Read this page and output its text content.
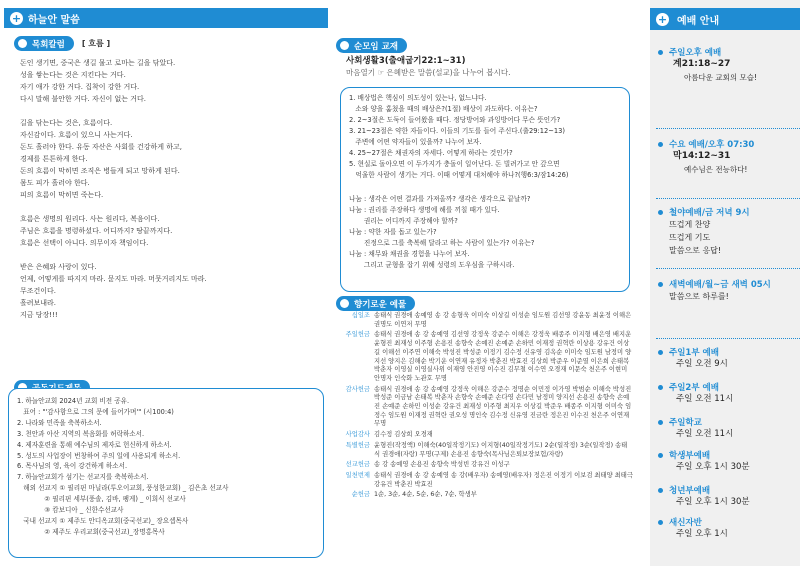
+ 하늘안 말씀
목회칼럼 [ 흐름 ]

돈인 생기면, 중국은 생길 물고 로마는 길을 닦았다.

성을 쌓는다는 것은 지킨다는 거다.

자기 애가 강한 거다. 집착이 강한 거다.

다시 말해 불안한 거다. 자신이 없는 거다.

길을 닦는다는 것은, 흐름이다.

자신감이다. 흐름이 있으니 사는거다.

돈도 흘러야 한다. 유동 자산은 사회를 건강하게 하고,

경제를 튼튼하게 한다.

돈의 흐름이 막히면 조직은 병들게 되고 망하게 된다.

몸도 피가 흘러야 한다.

피의 흐름이 막히면 죽는다.

흐름은 생명의 원리다. 사는 원리다, 복음이다.

주님은 흐름을 명령하셨다. 어디까지? 땅끝까지다.

흐름은 선택이 아니다. 의무이자 책임이다.

받은 은혜와 사랑이 있다.

언제, 어떻게를 따지지 마라. 묻지도 마라. 머뭇거리지도 마라.

무조건이다.

흘려보내라.

지금 당장!!!

1. 하늘안교회 2024년 교회 비전 공유.
표어 : "'감사함으로 그의 문에 들어가며'" (시100:4)
2. 나라와 민족을 축복하소서.
3. 천안과 아산 지역의 복음화를 허락하소서.
4. 제자훈련을 통해 예수님의 제자로 헌신하게 하소서.
5. 성도의 사업장이 번창하여 주의 일에 사용되게 하소서.
6. 목사님의 영, 육이 강건하게 하소서.
7. 하늘안교회가 섬기는 선교지를 축복하소서.
해외 선교지 ① 필리핀 마닐라(투오이교회, 풍성한교회) _ 김은초 선교사
② 필리핀 세부(풍솔, 김바, 팽게) _ 이희식 선교사
③ 캄보디아 _ 신한수선교사
국내 선교지 ① 제주도 안디옥교회(중국선교)_ 장요셉목사
② 제주도 우리교회(중국선교)_장명홍목사
순모임 교재
사회생활3(출애굽기22:1~31)
마음열기 ☞ 은혜받은 말씀(설교)을 나누어 봅시다.
1. 배상법은 핵심이 의도성이 있는나, 없느냐다.
소와 양을 훔쳤을 때의 배상은?(1절) 배상이 과도하다. 이유는?
2. 2~3절은 도둑이 들어왔을 때다. 정당방어와 과잉방어다 무슨 뜻인가?
3. 21~23절은 약한 자들이다. 이들의 기도를 들어 주신다.(출29:12~13)
주변에 어떤 약자들이 있을까? 나누어 보자.
4. 25~27절은 채권자의 자세다. 어떻게 하라는 것인가?
5. 현실로 돌아오면 이 두가지가 충돌이 일어난다. 돈 빌려가고 안 갚으면
억울한 사람이 생기는 거다. 이때 어떻게 대처해야 하나?(행6:3/잠14:26)
나눔 : 생각은 어떤 결과를 가져올까? 생각은 생각으로 끝날까?
나눔 : 권리를 주장하다 생명에 해를 끼칠 때가 있다.
권리는 어디까지 주장해야 할까?
나눔 : 약한 자를 돕고 있는가?
진정으로 그를 축복해 달라고 하는 사람이 있는가? 이유는?
나눔 : 채무와 채권을 경험을 나누어 보자.
그리고 균형을 잡기 위해 성령의 도우심을 구하시라.
향기로운 예물
십일조 송태식 권경애 송예영 송 강 송형욱 이미숙 이상길 이성순 임도원 김선영 강윤동 최윤정 이해은 권명도 이연저 무명
주일헌금 송태식 권경애 송 강 송예영 김선영 강정욱 강준수 이해은 강정욱 배종주 이지형 배은영 배지운 윤형진 최재성 이주형 손용진 송향숙 손예진 손예준 손하민 이재정 권혁란 이상용 강유건 이상길 이해선 이주연 이해숙 박성진 박성준 이정기 김수정 신유영 김옥순 이미숙 임도원 남정미 양지선 양지은 김해순 박기운 이연재 유정자 박춘진 박효진 김상희 박준우 이준열 이은희 손태복 박춘자 이영실 이영실사위 이재영 안진영 이수진 김무철 이수연 오경재 이문숙 천은주 이현미 안명자 인숙화 노관호 무명
감사헌금 송태식 권경애 송 강 송예영 강정욱 이해은 강준수 정명순 이민정 이가영 박범순 이해숙 박성진 박성준 이금남 손태복 박춘자 손향숙 손예준 손다영 손다민 남정미 양지선 손용진 송향숙 손예진 손예준 손하민 이성순 강유건 최재성 이주형 최지우 이상길 박준우 배종주 이지형 이미숙 임정수 임도원 이재정 권혁란 권오성 명인숙 김수정 신유영 진금란 정은진 이수진 천은주 이연재 무명
사업감사 김수정 김상희 오경재
특별헌금 윤형진(작정액) 이해숙(40일작정기도) 이지형(40일작정기도) 2순(일작정) 3순(일작정) 송태식 권경애(자랑) 무명(구제) 손용진 송향숙(목사님은퇴보장보험/자랑)
선교헌금 송 강 송예영 손용진 송향숙 박성빈 강유건 이성구
일천번제 송태식 권경애 송 강 송예영 송 강(배우자) 송예영(배우자) 정은진 이정기 이보검 최태양 최태극 강유건 박춘진 박효진
순헌금 1순, 3순, 4순, 5순, 6순, 7순, 학생부
+ 예배 안내
주일오후 예배
계21:18~27
아름다운 교회의 모습!
수요 예배/오후 07:30
막14:12~31
예수님은 전능하다!
철야예배/금 저녁 9시
뜨겁게 찬양
뜨겁게 기도
말씀으로 응답!
새벽예배/월~금 새벽 05시
말씀으로 하루를!
주일1부 예배
주일 오전 9시
주일2부 예배
주일 오전 11시
주일학교
주일 오전 11시
학생부예배
주일 오후 1시 30분
청년부예배
주일 오후 1시 30분
새신자반
주일 오후 1시
